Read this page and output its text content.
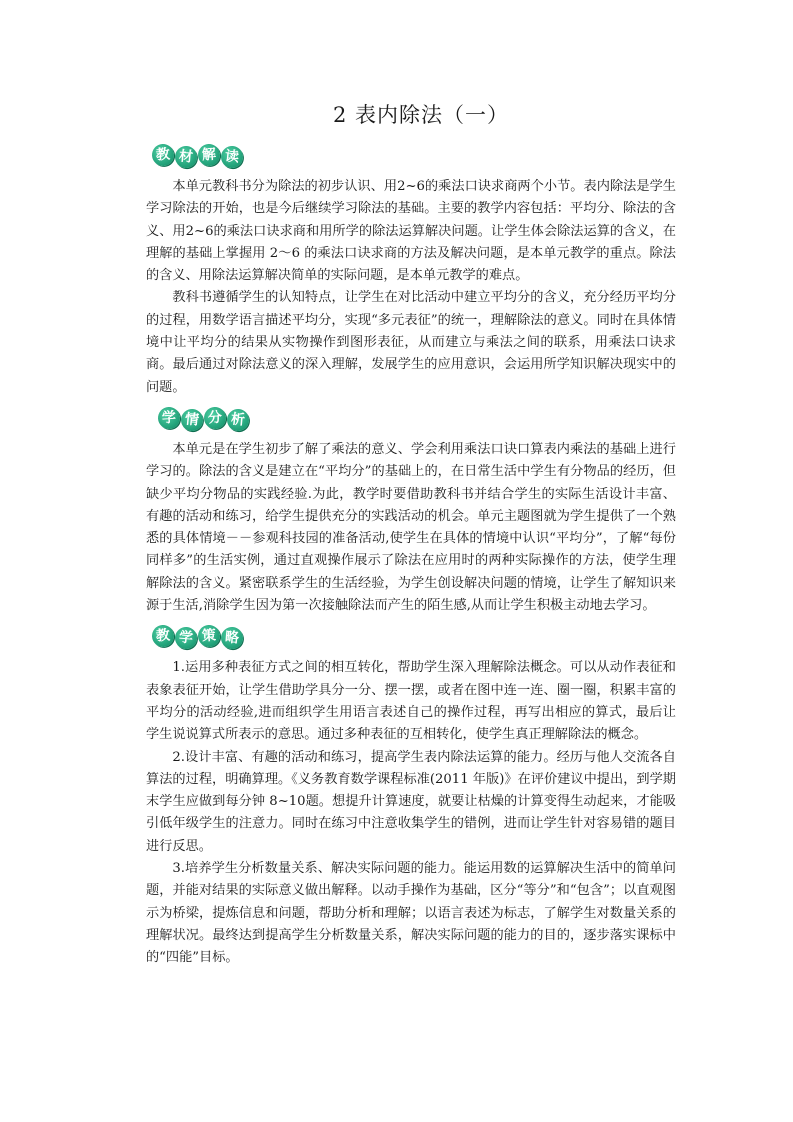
2 表内除法（一）
教 材 解 读

本单元教科书分为除法的初步认识、用2~6的乘法口诀求商两个小节。表内除法是学生学习除法的开始，也是今后继续学习除法的基础。主要的教学内容包括：平均分、除法的含义、用2~6的乘法口诀求商和用所学的除法运算解决问题。让学生体会除法运算的含义，在理解的基础上掌握用 2～6 的乘法口诀求商的方法及解决问题，是本单元教学的重点。除法的含义、用除法运算解决简单的实际问题，是本单元教学的难点。

教科书遵循学生的认知特点，让学生在对比活动中建立平均分的含义，充分经历平均分的过程，用数学语言描述平均分，实现“多元表征”的统一，理解除法的意义。同时在具体情境中让平均分的结果从实物操作到图形表征，从而建立与乘法之间的联系，用乘法口诀求商。最后通过对除法意义的深入理解，发展学生的应用意识，会运用所学知识解决现实中的问题。

学 情 分 析

本单元是在学生初步了解了乘法的意义、学会利用乘法口诀口算表内乘法的基础上进行学习的。除法的含义是建立在“平均分”的基础上的，在日常生活中学生有分物品的经历，但缺少平均分物品的实践经验.为此，教学时要借助教科书并结合学生的实际生活设计丰富、有趣的活动和练习，给学生提供充分的实践活动的机会。单元主题图就为学生提供了一个熟悉的具体情境－－参观科技园的准备活动,使学生在具体的情境中认识“平均分”，了解“每份同样多”的生活实例，通过直观操作展示了除法在应用时的两种实际操作的方法，使学生理解除法的含义。紧密联系学生的生活经验，为学生创设解决问题的情境，让学生了解知识来源于生活,消除学生因为第一次接触除法而产生的陌生感,从而让学生积极主动地去学习。

教 学 策 略

1.运用多种表征方式之间的相互转化，帮助学生深入理解除法概念。可以从动作表征和表象表征开始，让学生借助学具分一分、摆一摆，或者在图中连一连、圈一圈，积累丰富的平均分的活动经验,进而组织学生用语言表述自己的操作过程，再写出相应的算式，最后让学生说说算式所表示的意思。通过多种表征的互相转化，使学生真正理解除法的概念。

2.设计丰富、有趣的活动和练习，提高学生表内除法运算的能力。经历与他人交流各自算法的过程，明确算理。《义务教育数学课程标准(2011 年版)》在评价建议中提出，到学期末学生应做到每分钟 8~10题。想提升计算速度，就要让枯燥的计算变得生动起来，才能吸引低年级学生的注意力。同时在练习中注意收集学生的错例，进而让学生针对容易错的题目进行反思。

3.培养学生分析数量关系、解决实际问题的能力。能运用数的运算解决生活中的简单问题，并能对结果的实际意义做出解释。以动手操作为基础，区分“等分”和“包含”；以直观图示为桥梁，提炼信息和问题，帮助分析和理解；以语言表述为标志，了解学生对数量关系的理解状况。最终达到提高学生分析数量关系，解决实际问题的能力的目的，逐步落实课标中的“四能”目标。
